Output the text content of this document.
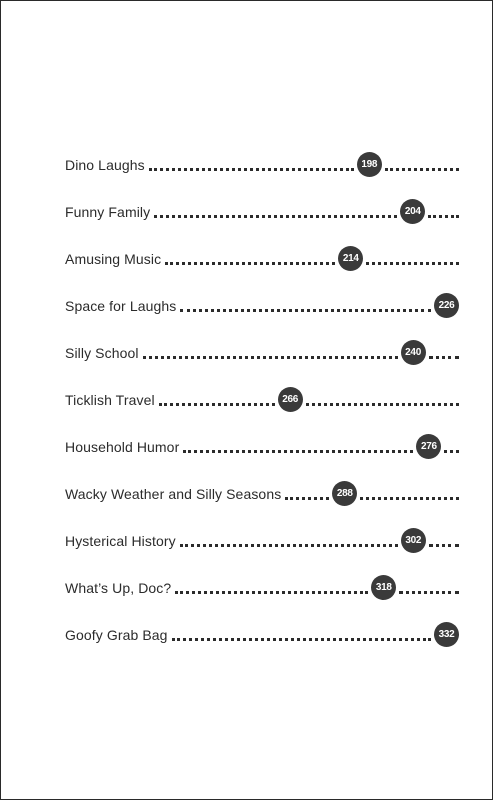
Dino Laughs	198
Funny Family	204
Amusing Music	214
Space for Laughs	226
Silly School	240
Ticklish Travel	266
Household Humor	276
Wacky Weather and Silly Seasons	288
Hysterical History	302
What’s Up, Doc?	318
Goofy Grab Bag	332
